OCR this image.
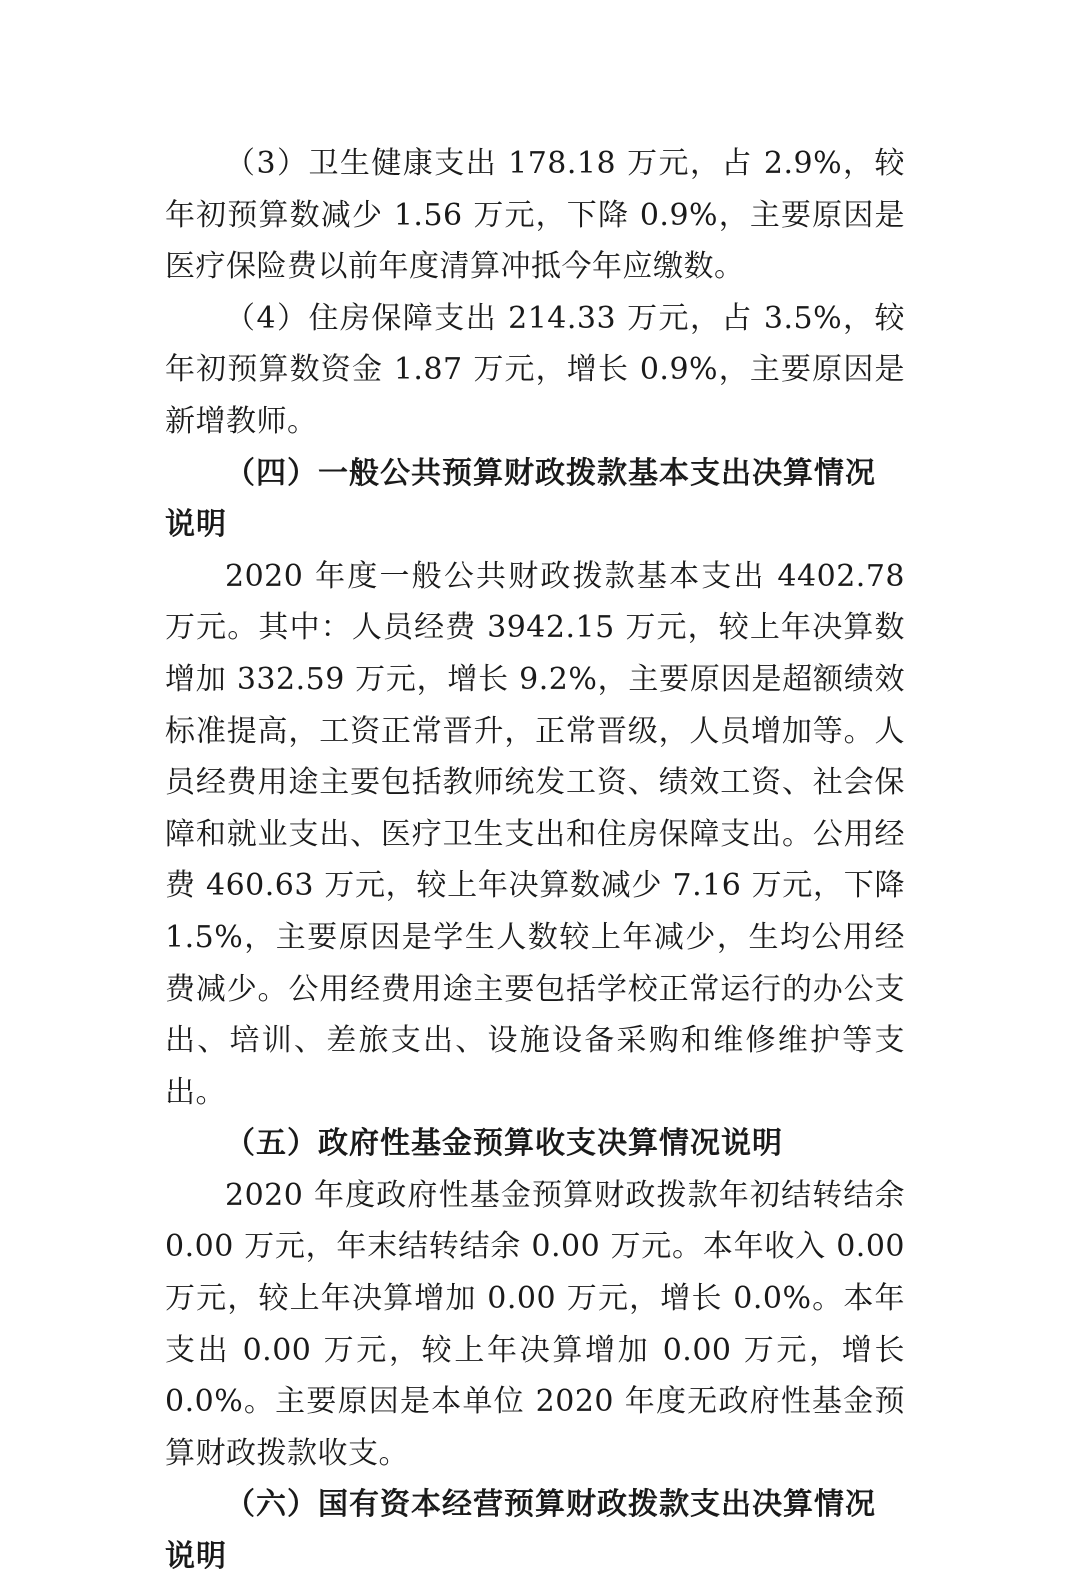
（3）卫生健康支出 178.18 万元，占 2.9%，较年初预算数减少 1.56 万元，下降 0.9%，主要原因是医疗保险费以前年度清算冲抵今年应缴数。

（4）住房保障支出 214.33 万元，占 3.5%，较年初预算数资金 1.87 万元，增长 0.9%，主要原因是新增教师。

（四）一般公共预算财政拨款基本支出决算情况说明

2020 年度一般公共财政拨款基本支出 4402.78 万元。其中：人员经费 3942.15 万元，较上年决算数增加 332.59 万元，增长 9.2%，主要原因是超额绩效标准提高，工资正常晋升，正常晋级，人员增加等。人员经费用途主要包括教师统发工资、绩效工资、社会保障和就业支出、医疗卫生支出和住房保障支出。公用经费 460.63 万元，较上年决算数减少 7.16 万元，下降 1.5%，主要原因是学生人数较上年减少，生均公用经费减少。公用经费用途主要包括学校正常运行的办公支出、培训、差旅支出、设施设备采购和维修维护等支出。

（五）政府性基金预算收支决算情况说明

2020 年度政府性基金预算财政拨款年初结转结余 0.00 万元，年末结转结余 0.00 万元。本年收入 0.00 万元，较上年决算增加 0.00 万元，增长 0.0%。本年支出 0.00 万元，较上年决算增加 0.00 万元，增长 0.0%。主要原因是本单位 2020 年度无政府性基金预算财政拨款收支。

（六）国有资本经营预算财政拨款支出决算情况说明
